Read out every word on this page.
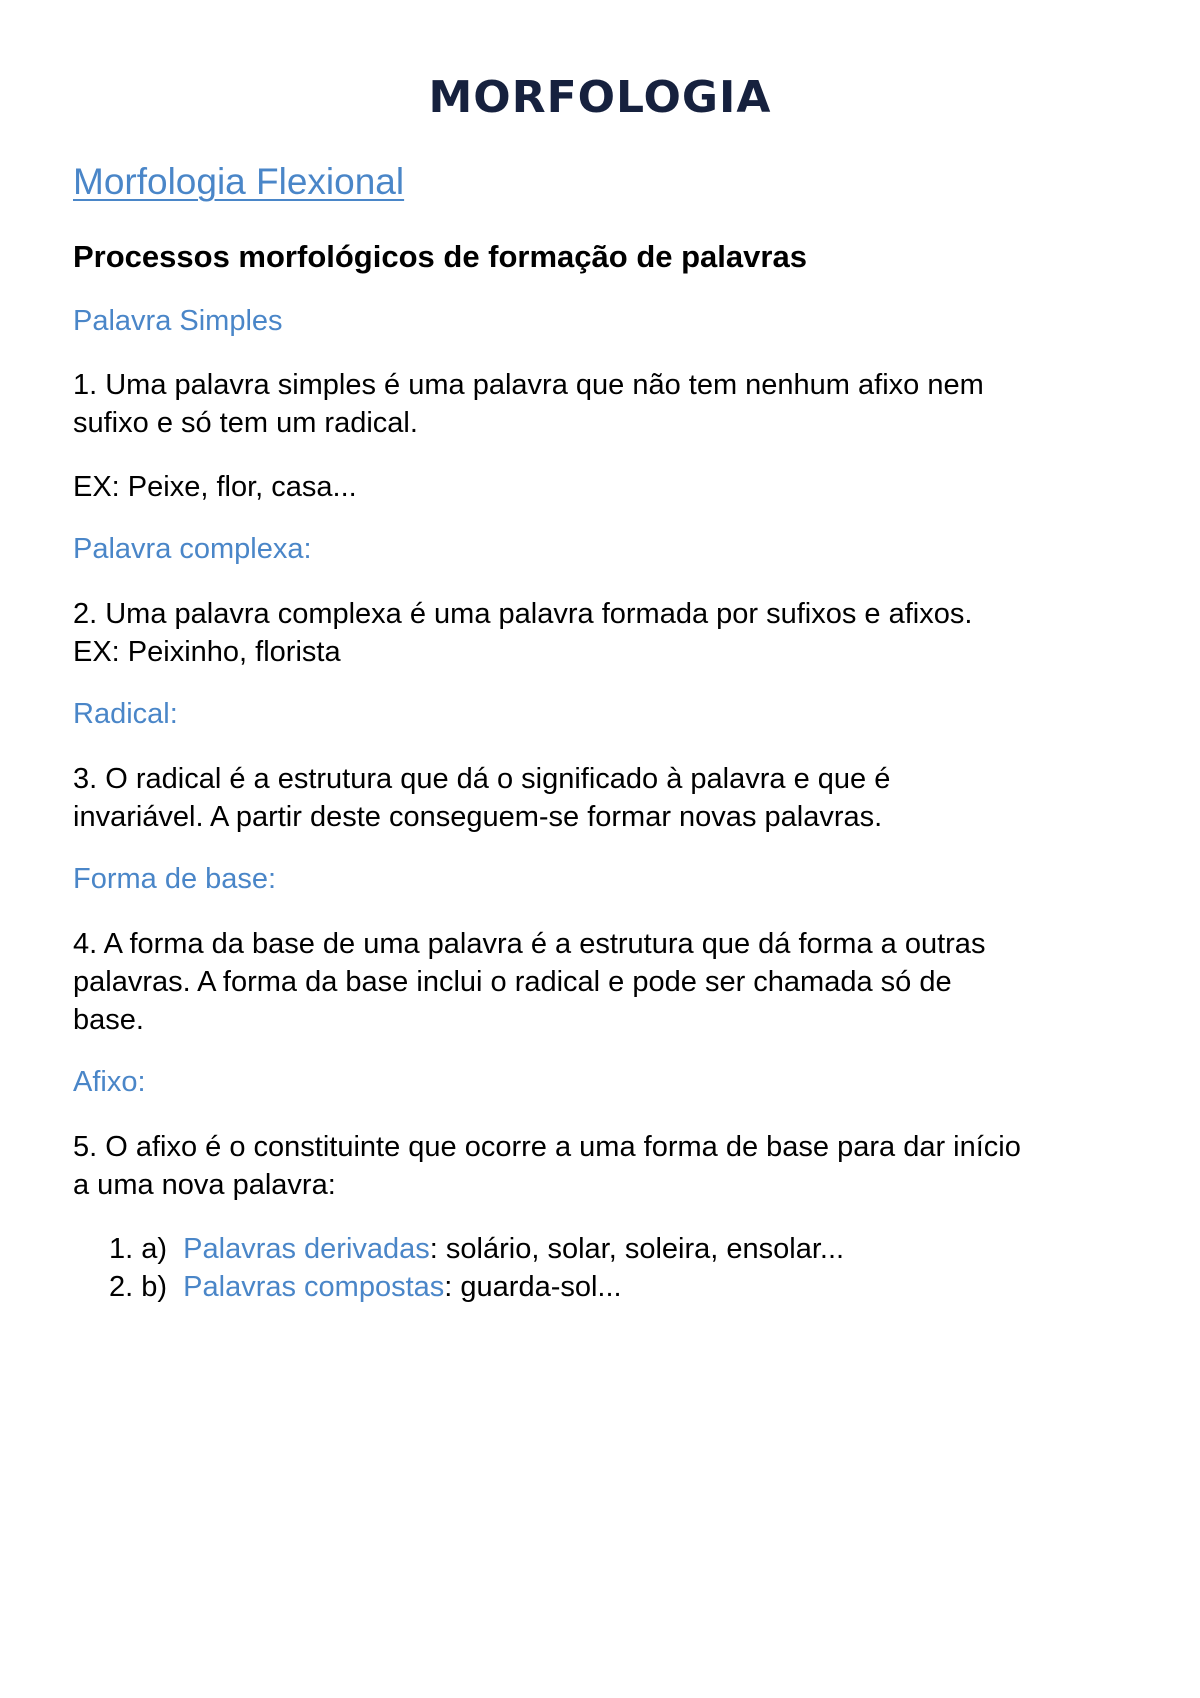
MORFOLOGIA

Morfologia Flexional

Processos morfológicos de formação de palavras

Palavra Simples

1. Uma palavra simples é uma palavra que não tem nenhum afixo nem
sufixo e só tem um radical.

EX: Peixe, flor, casa...

Palavra complexa:

2. Uma palavra complexa é uma palavra formada por sufixos e afixos.
EX: Peixinho, florista

Radical:

3. O radical é a estrutura que dá o significado à palavra e que é
invariável. A partir deste conseguem-se formar novas palavras.

Forma de base:

4. A forma da base de uma palavra é a estrutura que dá forma a outras
palavras. A forma da base inclui o radical e pode ser chamada só de
base.

Afixo:

5. O afixo é o constituinte que ocorre a uma forma de base para dar início
a uma nova palavra:

1. a) Palavras derivadas: solário, solar, soleira, ensolar...
2. b) Palavras compostas: guarda-sol...
